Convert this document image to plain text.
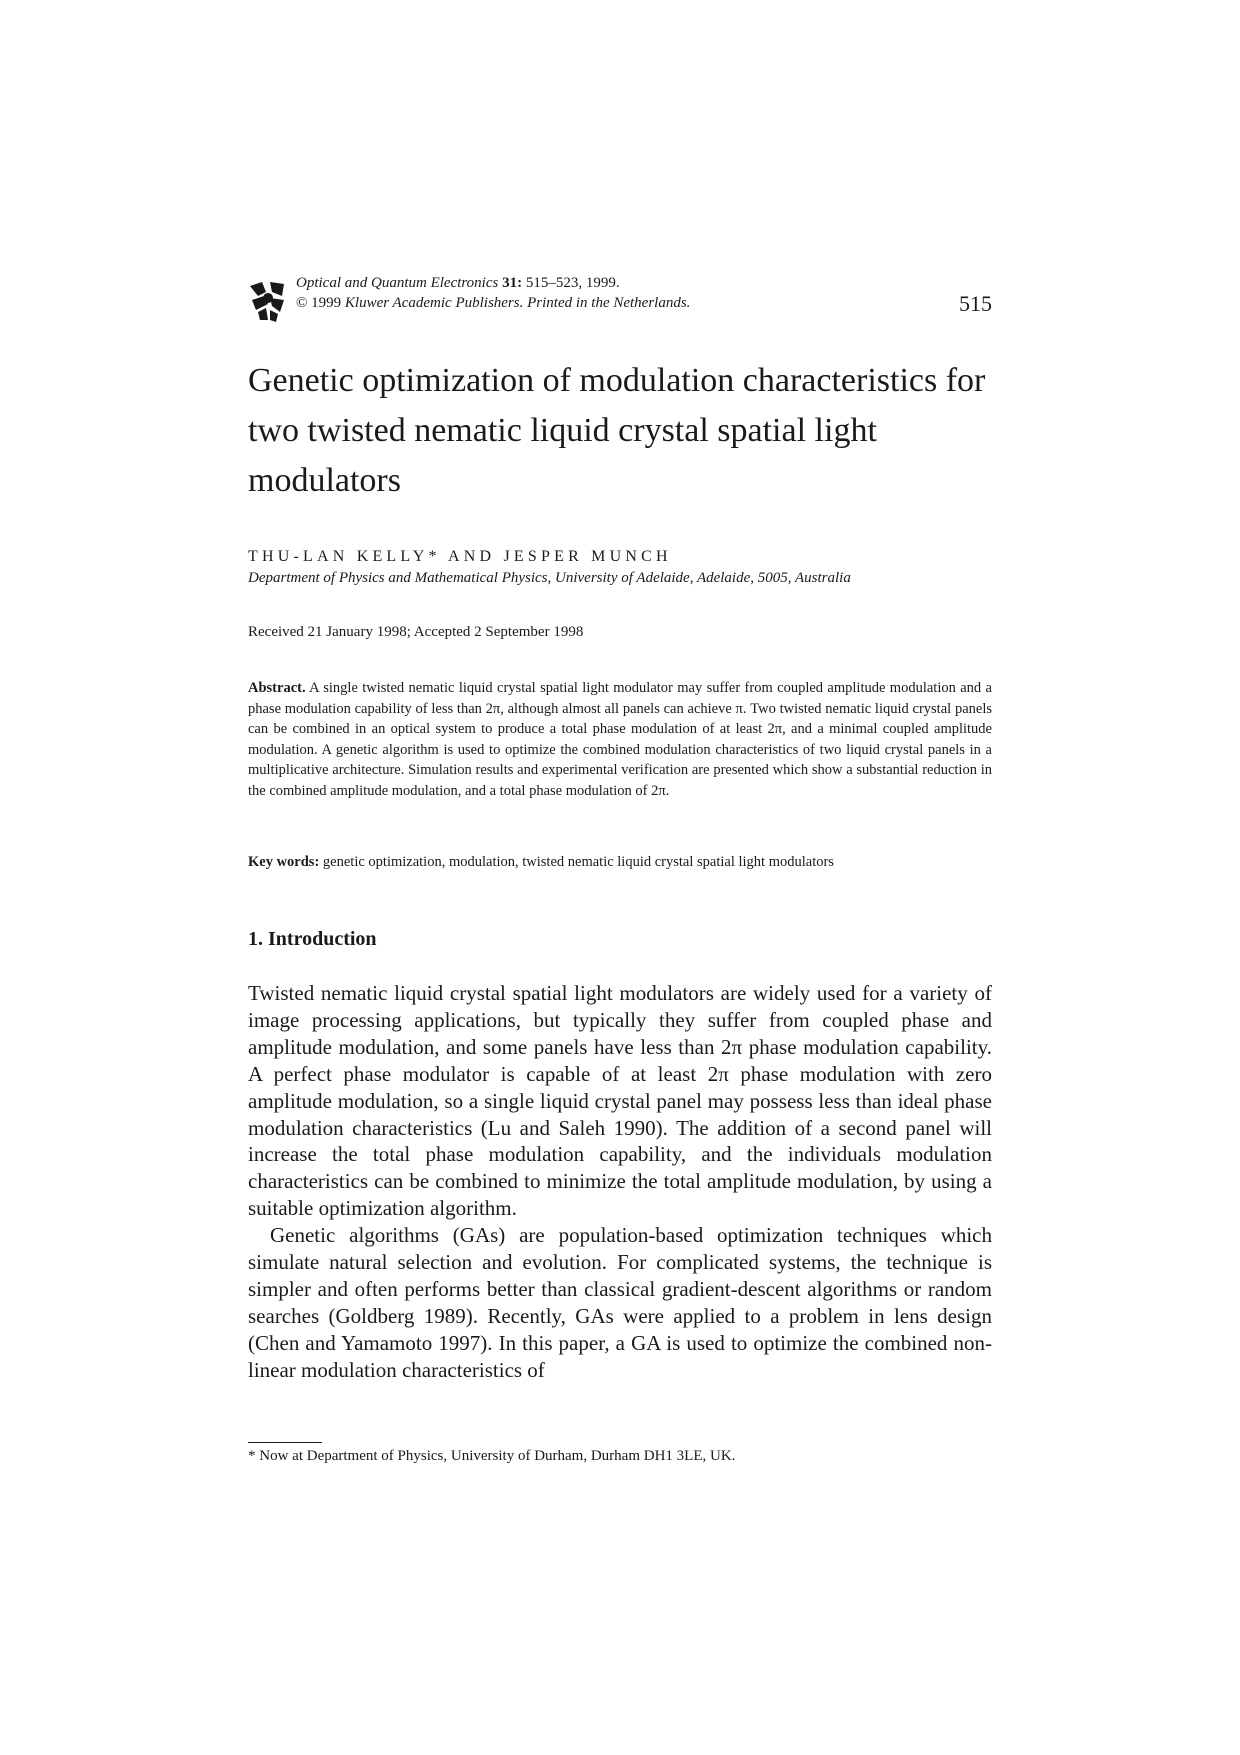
Optical and Quantum Electronics 31: 515–523, 1999.
© 1999 Kluwer Academic Publishers. Printed in the Netherlands.	515
Genetic optimization of modulation characteristics for two twisted nematic liquid crystal spatial light modulators
THU-LAN KELLY* AND JESPER MUNCH
Department of Physics and Mathematical Physics, University of Adelaide, Adelaide, 5005, Australia
Received 21 January 1998; Accepted 2 September 1998
Abstract. A single twisted nematic liquid crystal spatial light modulator may suffer from coupled amplitude modulation and a phase modulation capability of less than 2π, although almost all panels can achieve π. Two twisted nematic liquid crystal panels can be combined in an optical system to produce a total phase modulation of at least 2π, and a minimal coupled amplitude modulation. A genetic algorithm is used to optimize the combined modulation characteristics of two liquid crystal panels in a multiplicative architecture. Simulation results and experimental verification are presented which show a substantial reduction in the combined amplitude modulation, and a total phase modulation of 2π.
Key words: genetic optimization, modulation, twisted nematic liquid crystal spatial light modulators
1. Introduction

Twisted nematic liquid crystal spatial light modulators are widely used for a variety of image processing applications, but typically they suffer from coupled phase and amplitude modulation, and some panels have less than 2π phase modulation capability. A perfect phase modulator is capable of at least 2π phase modulation with zero amplitude modulation, so a single liquid crystal panel may possess less than ideal phase modulation characteristics (Lu and Saleh 1990). The addition of a second panel will increase the total phase modulation capability, and the individuals modulation characteristics can be combined to minimize the total amplitude modulation, by using a suitable optimization algorithm.

Genetic algorithms (GAs) are population-based optimization techniques which simulate natural selection and evolution. For complicated systems, the technique is simpler and often performs better than classical gradient-descent algorithms or random searches (Goldberg 1989). Recently, GAs were applied to a problem in lens design (Chen and Yamamoto 1997). In this paper, a GA is used to optimize the combined non-linear modulation characteristics of

* Now at Department of Physics, University of Durham, Durham DH1 3LE, UK.
